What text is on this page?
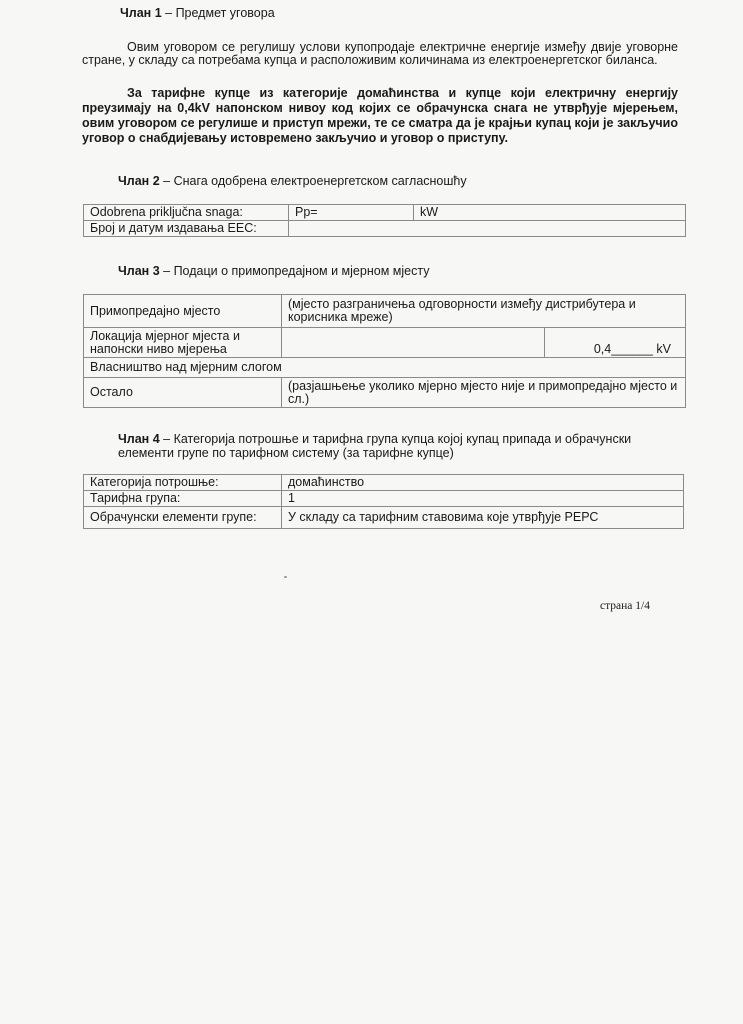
Члан 1 – Предмет уговора
Овим уговором се регулишу услови купопродаје електричне енергије између двије уговорне стране, у складу са потребама купца и расположивим количинама из електроенергетског биланса.
За тарифне купце из категорије домаћинства и купце који електричну енергију преузимају на 0,4kV напонском нивоу код којих се обрачунска снага не утврђује мјерењем, овим уговором се регулише и приступ мрежи, те се сматра да је крајњи купац који је закључио уговор о снабдијевању истовремено закључио и уговор о приступу.
Члан 2 – Снага одобрена електроенергетском сагласношћу
Odobrena priključna snaga:	Pp=	kW
Број и датум издавања EEC:		
Члан 3 – Подаци о примопредајном и мјерном мјесту
Примопредајно мјесто	(мјесто разграничења одговорности између дистрибутера и корисника мреже)	
Локација мјерног мјеста и напонски ниво мјерења		0,4______ kV
Власништво над мјерним слогом		
Остало	(разјашњење уколико мјерно мјесто није и примопредајно мјесто и сл.)	
Члан 4 – Категорија потрошње и тарифна група купца којој купац припада и обрачунски елементи групе по тарифном систему (за тарифне купце)
Категорија потрошње:	домаћинство
Тарифна група:	1
Обрачунски елементи групе:	У складу са тарифним ставовима које утврђује РЕРС
страна 1/4
